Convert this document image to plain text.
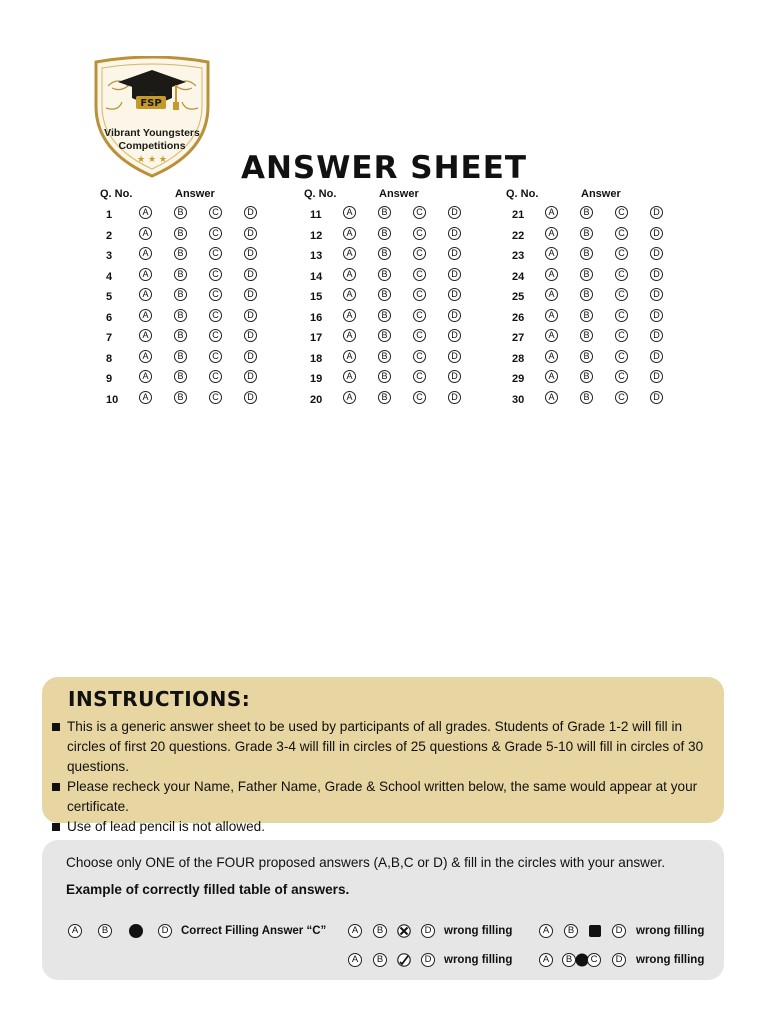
FSP
Vibrant Youngsters
Competitions
★ ★ ★	ANSWER SHEET
Q. No.	Answer
1	A	B	C	D
2	A	B	C	D
3	A	B	C	D
4	A	B	C	D
5	A	B	C	D
6	A	B	C	D
7	A	B	C	D
8	A	B	C	D
9	A	B	C	D
10	A	B	C	D
Q. No.	Answer
11	A	B	C	D
12	A	B	C	D
13	A	B	C	D
14	A	B	C	D
15	A	B	C	D
16	A	B	C	D
17	A	B	C	D
18	A	B	C	D
19	A	B	C	D
20	A	B	C	D
Q. No.	Answer
21	A	B	C	D
22	A	B	C	D
23	A	B	C	D
24	A	B	C	D
25	A	B	C	D
26	A	B	C	D
27	A	B	C	D
28	A	B	C	D
29	A	B	C	D
30	A	B	C	D
INSTRUCTIONS:
This is a generic answer sheet to be used by participants of all grades. Students of Grade 1-2 will fill in circles of first 20 questions. Grade 3-4 will fill in circles of 25 questions & Grade 5-10 will fill in circles of 30 questions.
Please recheck your Name, Father Name, Grade & School written below, the same would appear at your certificate.
Use of lead pencil is not allowed.
Choose only ONE of the FOUR proposed answers (A,B,C or D) & fill in the circles with your answer.
Example of correctly filled table of answers.
A	B	D	Correct Filling Answer “C”	A	B	D	wrong filling	A	B	D	wrong filling
A	B	D	wrong filling	A	B	C	D	wrong filling
